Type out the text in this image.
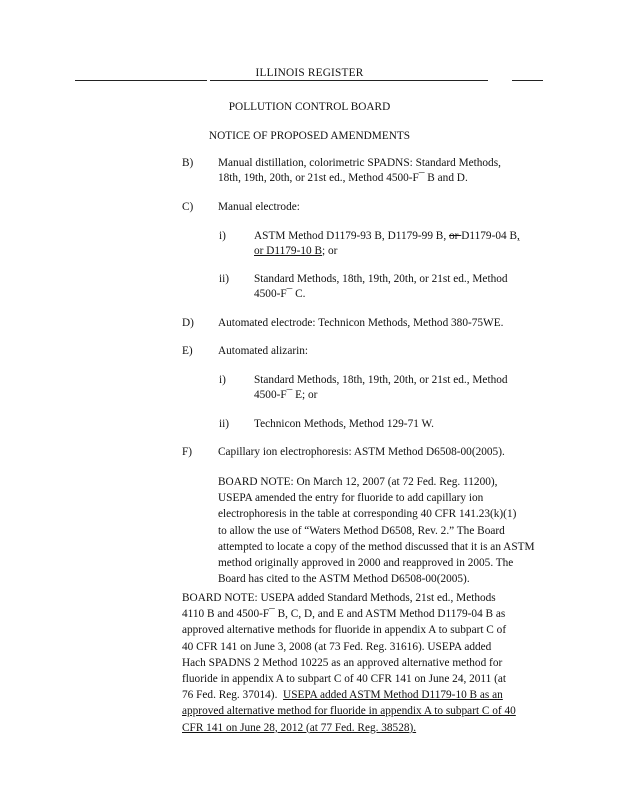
ILLINOIS REGISTER
POLLUTION CONTROL BOARD
NOTICE OF PROPOSED AMENDMENTS
B) Manual distillation, colorimetric SPADNS: Standard Methods,
18th, 19th, 20th, or 21st ed., Method 4500-F¯ B and D.
C) Manual electrode:
i) ASTM Method D1179-93 B, D1179-99 B, or D1179-04 B,
or D1179-10 B; or
ii) Standard Methods, 18th, 19th, 20th, or 21st ed., Method
4500-F¯ C.
D) Automated electrode: Technicon Methods, Method 380-75WE.
E) Automated alizarin:
i) Standard Methods, 18th, 19th, 20th, or 21st ed., Method
4500-F¯ E; or
ii) Technicon Methods, Method 129-71 W.
F) Capillary ion electrophoresis: ASTM Method D6508-00(2005).
BOARD NOTE: On March 12, 2007 (at 72 Fed. Reg. 11200),
USEPA amended the entry for fluoride to add capillary ion
electrophoresis in the table at corresponding 40 CFR 141.23(k)(1)
to allow the use of “Waters Method D6508, Rev. 2.” The Board
attempted to locate a copy of the method discussed that it is an ASTM
method originally approved in 2000 and reapproved in 2005. The
Board has cited to the ASTM Method D6508-00(2005).
BOARD NOTE: USEPA added Standard Methods, 21st ed., Methods
4110 B and 4500-F¯ B, C, D, and E and ASTM Method D1179-04 B as
approved alternative methods for fluoride in appendix A to subpart C of
40 CFR 141 on June 3, 2008 (at 73 Fed. Reg. 31616). USEPA added
Hach SPADNS 2 Method 10225 as an approved alternative method for
fluoride in appendix A to subpart C of 40 CFR 141 on June 24, 2011 (at
76 Fed. Reg. 37014). USEPA added ASTM Method D1179-10 B as an
approved alternative method for fluoride in appendix A to subpart C of 40
CFR 141 on June 28, 2012 (at 77 Fed. Reg. 38528).
